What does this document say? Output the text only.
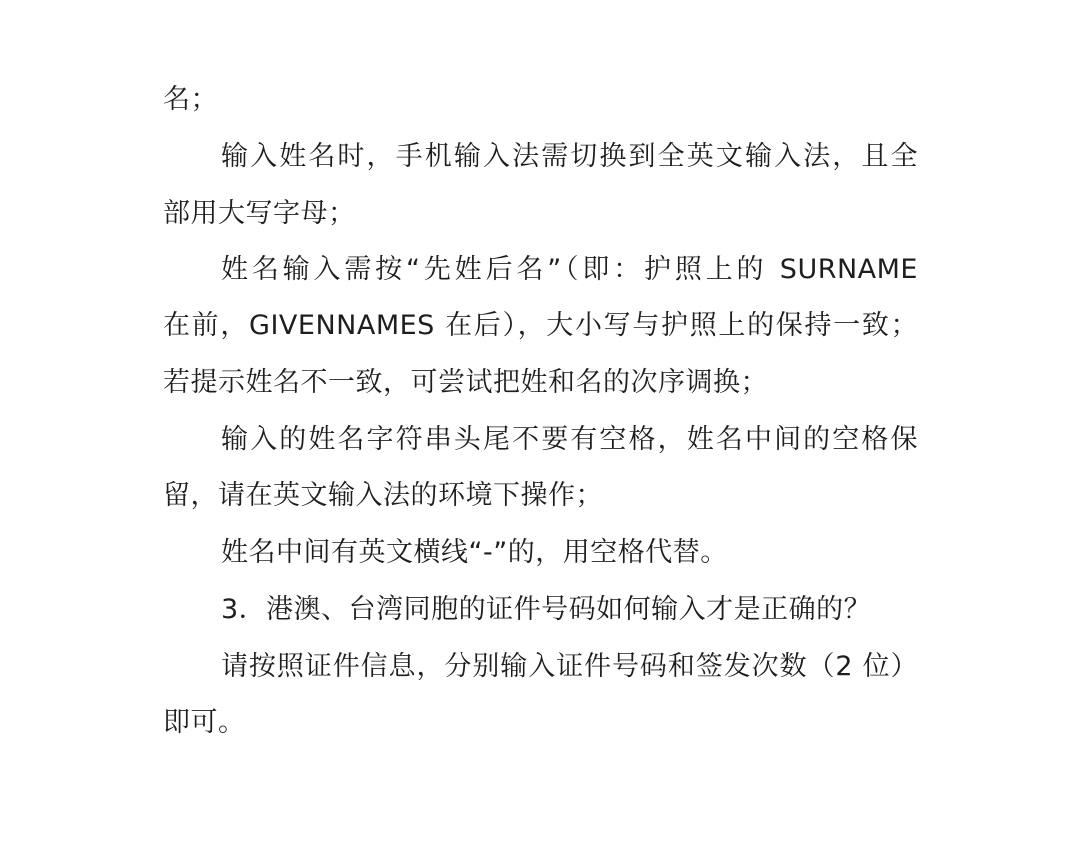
名；
输入姓名时，手机输入法需切换到全英文输入法，且全
部用大写字母；
姓名输入需按“先姓后名”（即：护照上的 SURNAME
在前，GIVENNAMES 在后），大小写与护照上的保持一致；
若提示姓名不一致，可尝试把姓和名的次序调换；
输入的姓名字符串头尾不要有空格，姓名中间的空格保
留，请在英文输入法的环境下操作；
姓名中间有英文横线“-”的，用空格代替。
3．港澳、台湾同胞的证件号码如何输入才是正确的？
请按照证件信息，分别输入证件号码和签发次数（2 位）
即可。
